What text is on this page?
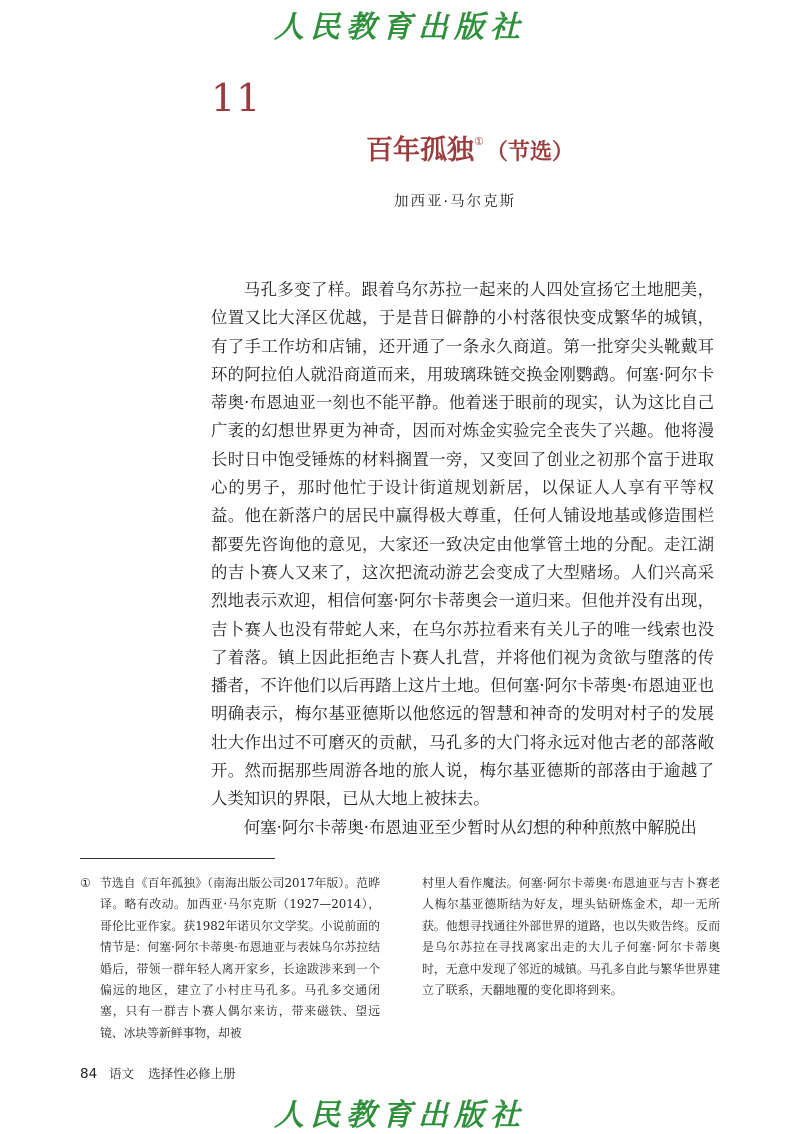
人民教育出版社
11
百年孤独①（节选）
加西亚·马尔克斯

马孔多变了样。跟着乌尔苏拉一起来的人四处宣扬它土地肥美，位置又比大泽区优越，于是昔日僻静的小村落很快变成繁华的城镇，有了手工作坊和店铺，还开通了一条永久商道。第一批穿尖头靴戴耳环的阿拉伯人就沿商道而来，用玻璃珠链交换金刚鹦鹉。何塞·阿尔卡蒂奥·布恩迪亚一刻也不能平静。他着迷于眼前的现实，认为这比自己广袤的幻想世界更为神奇，因而对炼金实验完全丧失了兴趣。他将漫长时日中饱受锤炼的材料搁置一旁，又变回了创业之初那个富于进取心的男子，那时他忙于设计街道规划新居，以保证人人享有平等权益。他在新落户的居民中赢得极大尊重，任何人铺设地基或修造围栏都要先咨询他的意见，大家还一致决定由他掌管土地的分配。走江湖的吉卜赛人又来了，这次把流动游艺会变成了大型赌场。人们兴高采烈地表示欢迎，相信何塞·阿尔卡蒂奥会一道归来。但他并没有出现，吉卜赛人也没有带蛇人来，在乌尔苏拉看来有关儿子的唯一线索也没了着落。镇上因此拒绝吉卜赛人扎营，并将他们视为贪欲与堕落的传播者，不许他们以后再踏上这片土地。但何塞·阿尔卡蒂奥·布恩迪亚也明确表示，梅尔基亚德斯以他悠远的智慧和神奇的发明对村子的发展壮大作出过不可磨灭的贡献，马孔多的大门将永远对他古老的部落敞开。然而据那些周游各地的旅人说，梅尔基亚德斯的部落由于逾越了人类知识的界限，已从大地上被抹去。

何塞·阿尔卡蒂奥·布恩迪亚至少暂时从幻想的种种煎熬中解脱出

① 节选自《百年孤独》（南海出版公司2017年版）。范晔译。略有改动。加西亚·马尔克斯（1927—2014），哥伦比亚作家。获1982年诺贝尔文学奖。小说前面的情节是：何塞·阿尔卡蒂奥·布恩迪亚与表妹乌尔苏拉结婚后，带领一群年轻人离开家乡，长途跋涉来到一个偏远的地区，建立了小村庄马孔多。马孔多交通闭塞，只有一群吉卜赛人偶尔来访，带来磁铁、望远镜、冰块等新鲜事物，却被
村里人看作魔法。何塞·阿尔卡蒂奥·布恩迪亚与吉卜赛老人梅尔基亚德斯结为好友，埋头钻研炼金术，却一无所获。他想寻找通往外部世界的道路，也以失败告终。反而是乌尔苏拉在寻找离家出走的大儿子何塞·阿尔卡蒂奥时，无意中发现了邻近的城镇。马孔多自此与繁华世界建立了联系，天翻地覆的变化即将到来。
84 语文 选择性必修上册
人民教育出版社
